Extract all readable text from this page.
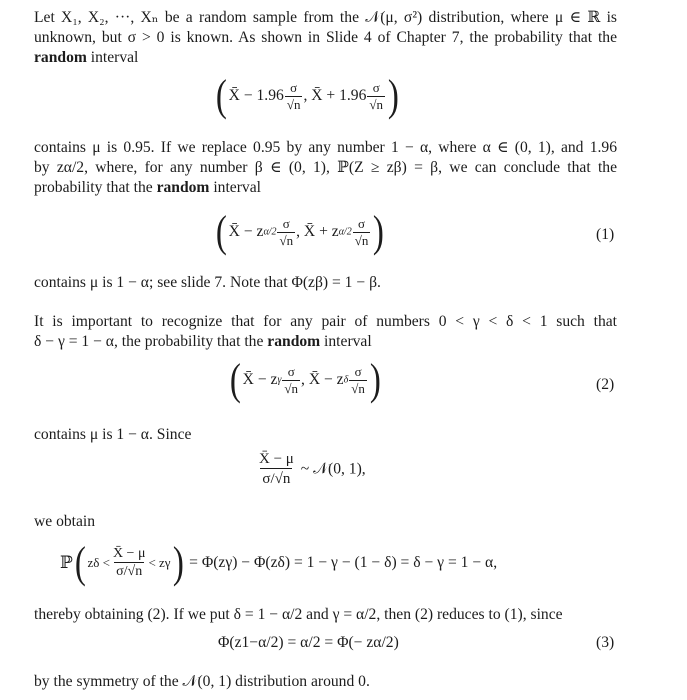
Let X₁, X₂, ···, Xₙ be a random sample from the 𝒩(μ, σ²) distribution, where μ ∈ ℝ is
unknown, but σ > 0 is known. As shown in Slide 4 of Chapter 7, the probability that the
random interval
( X̄ − $1.96 \frac{\sigma}{√n}$ , X̄ + $1.96 \frac{\sigma}{√n}$ )
contains μ is 0.95. If we replace 0.95 by any number 1 − α, where α ∈ (0, 1), and 1.96
by zα/2, where, for any number β ∈ (0, 1), ℙ(Z ≥ zβ) = β, we can conclude that the
probability that the random interval
( X̄ − $z\alpha/2 \frac{\sigma}{√n}$ , X̄ + $z\alpha/2 \frac{\sigma}{√n}$ )	(1)
contains μ is 1 − α; see slide 7. Note that Φ(zβ) = 1 − β.
It is important to recognize that for any pair of numbers 0 < γ < δ < 1 such that
δ − γ = 1 − α, the probability that the random interval
( X̄ − zγ $\frac{\sigma}{√n}$ , X̄ − zδ $\frac{\sigma}{√n}$ )	(2)
contains μ is 1 − α. Since
$\frac{X̄ - \mu}{\sigma/√n}$ ~ 𝒩(0, 1),
we obtain
ℙ( $z\delta < \frac{X̄ - \mu}{\sigma/√n} < z\gamma) = \Phi(z\gamma) - \Phi(z\delta) = 1 - \gamma - (1 - \delta) = \delta - \gamma = 1 - \alpha$,
thereby obtaining (2). If we put δ = 1 − α/2 and γ = α/2, then (2) reduces to (1), since
Φ(z1−α/2) = α/2 = Φ(− zα/2)	(3)
by the symmetry of the 𝒩(0, 1) distribution around 0.
